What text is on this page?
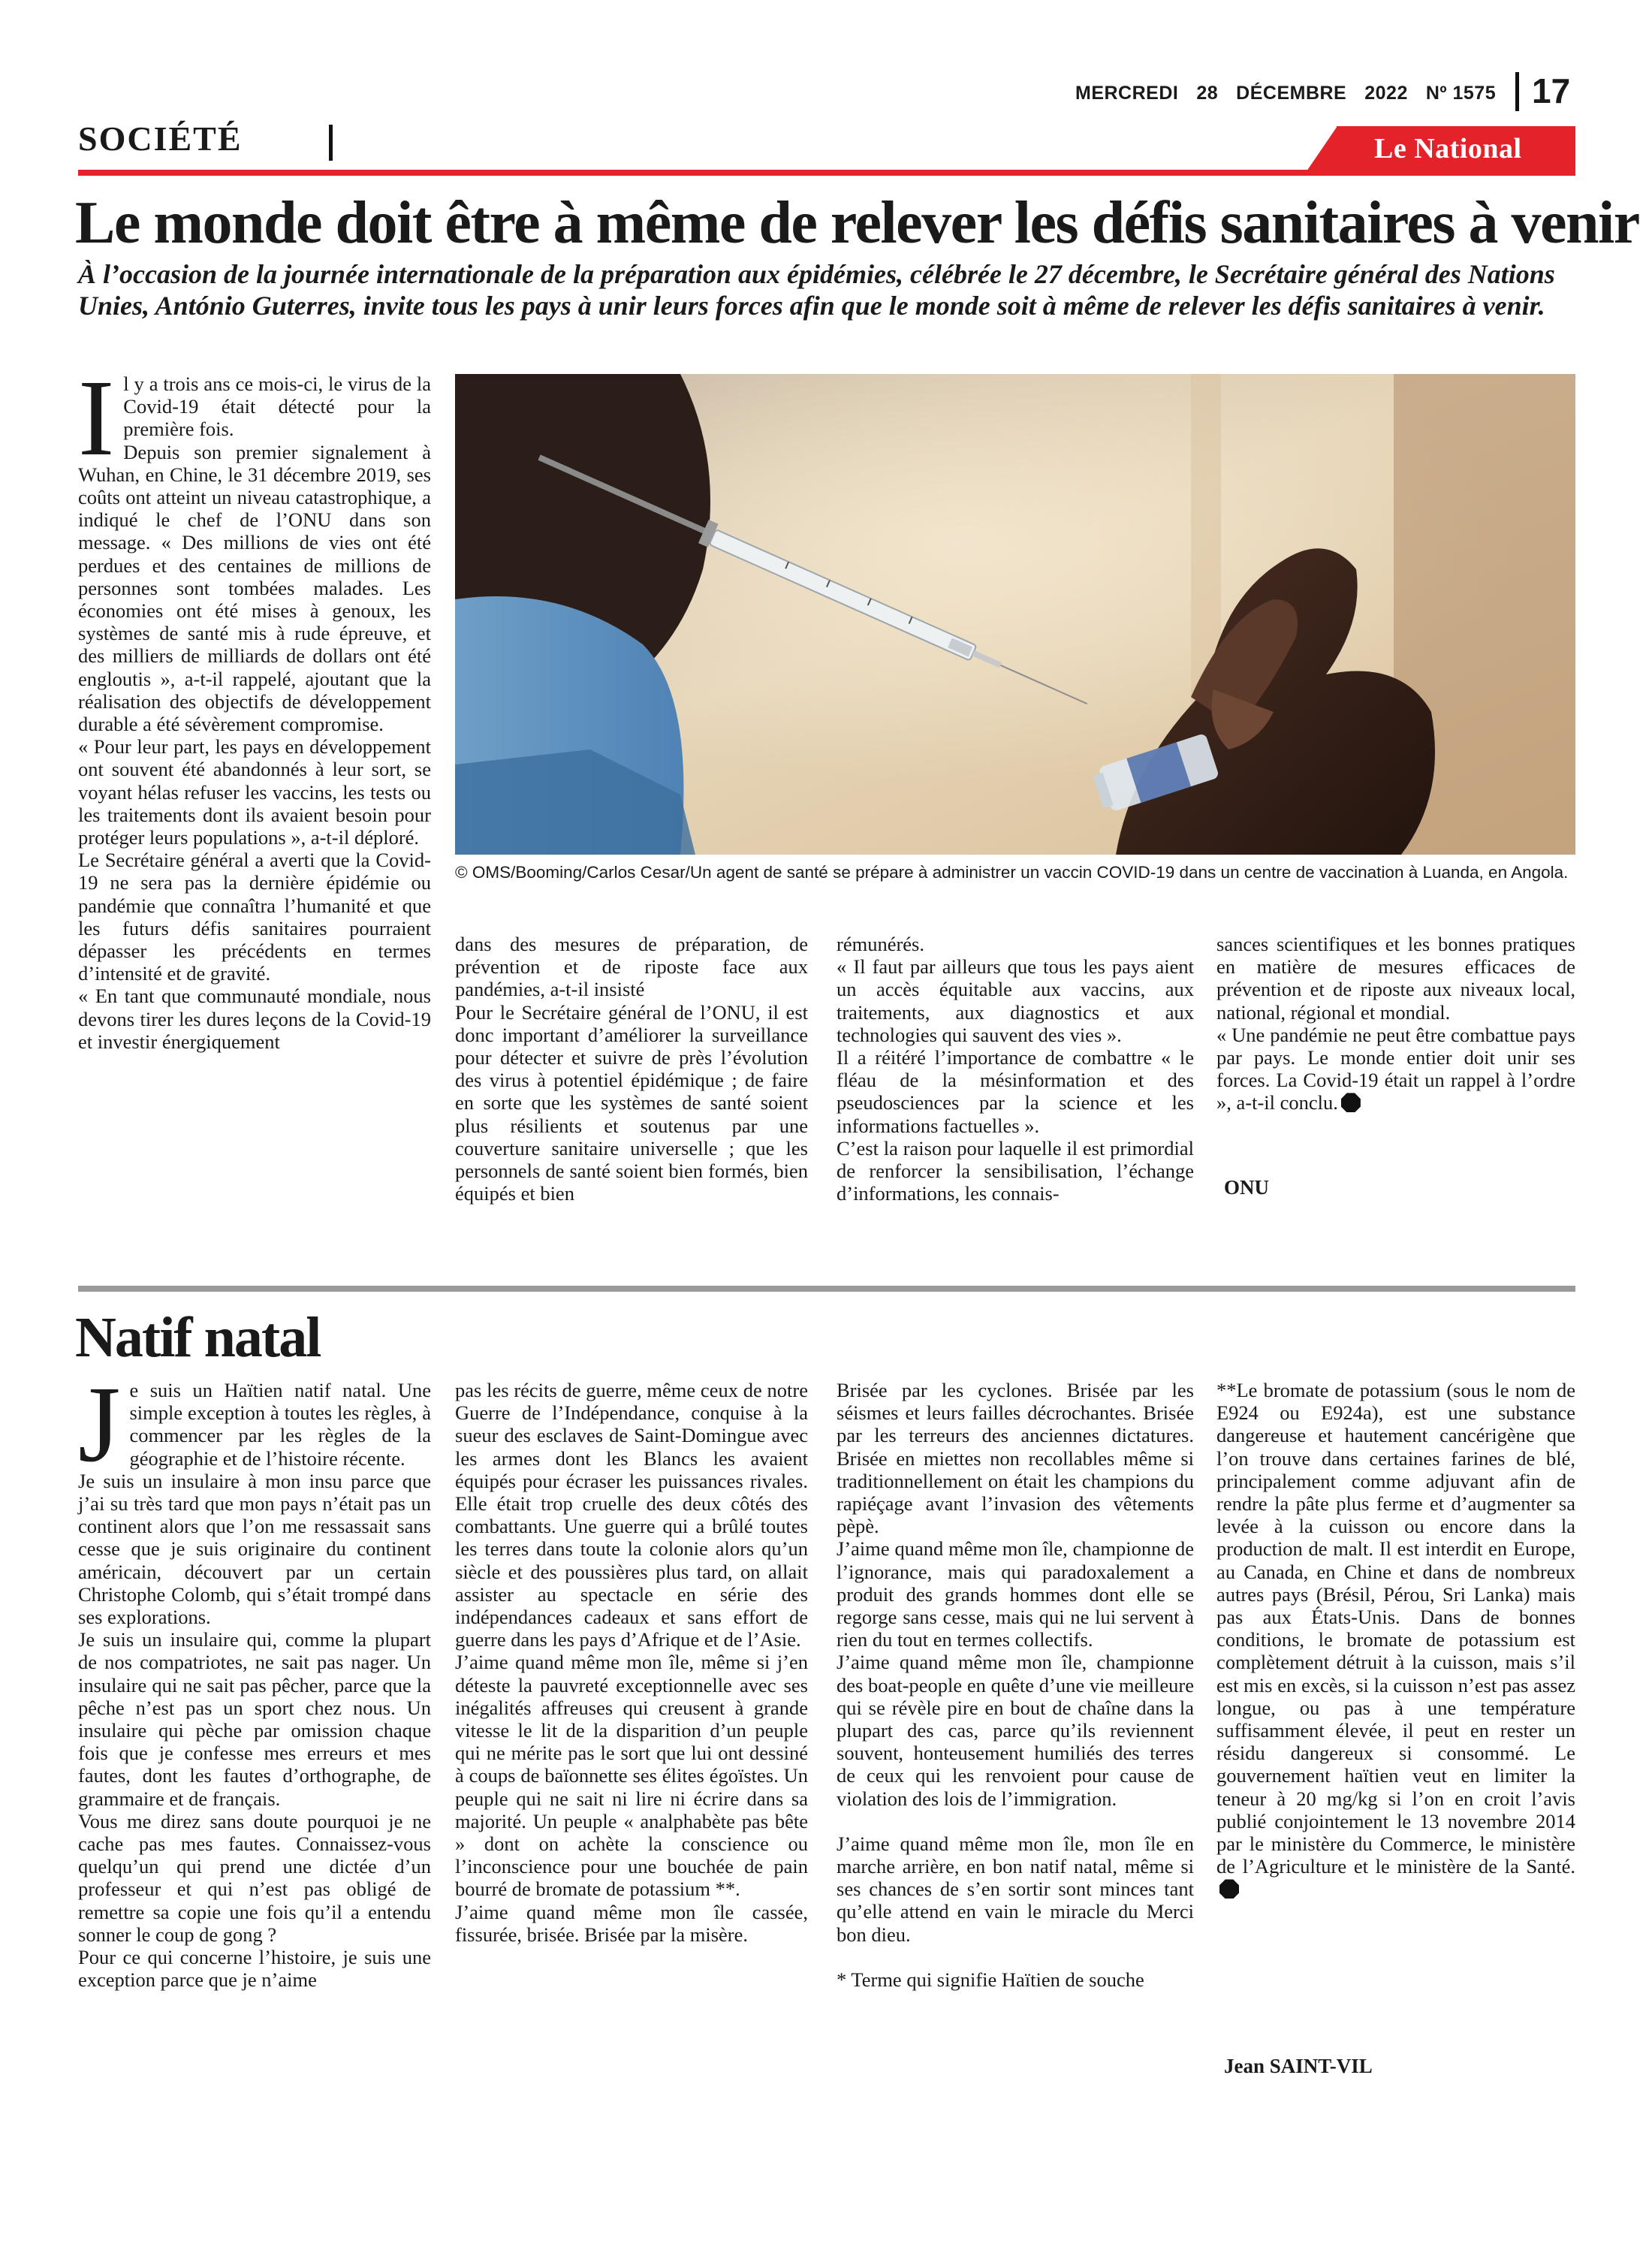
MERCREDI 28 DÉCEMBRE 2022 Nº 1575	17
SOCIÉTÉ	Le National
Le monde doit être à même de relever les défis sanitaires à venir
À l’occasion de la journée internationale de la préparation aux épidémies, célébrée le 27 décembre, le Secrétaire général des Nations Unies, António Guterres, invite tous les pays à unir leurs forces afin que le monde soit à même de relever les défis sanitaires à venir.
I l y a trois ans ce mois-ci, le virus de la Covid-19 était détecté pour la première fois.

Depuis son premier signalement à Wuhan, en Chine, le 31 décembre 2019, ses coûts ont atteint un niveau catastrophique, a indiqué le chef de l’ONU dans son message. « Des millions de vies ont été perdues et des centaines de millions de personnes sont tombées malades. Les économies ont été mises à genoux, les systèmes de santé mis à rude épreuve, et des milliers de milliards de dollars ont été engloutis », a-t-il rappelé, ajoutant que la réalisation des objectifs de développement durable a été sévèrement compromise.

« Pour leur part, les pays en développement ont souvent été abandonnés à leur sort, se voyant hélas refuser les vaccins, les tests ou les traitements dont ils avaient besoin pour protéger leurs populations », a-t-il déploré.

Le Secrétaire général a averti que la Covid-19 ne sera pas la dernière épidémie ou pandémie que connaîtra l’humanité et que les futurs défis sanitaires pourraient dépasser les précédents en termes d’intensité et de gravité.

« En tant que communauté mondiale, nous devons tirer les dures leçons de la Covid-19 et investir énergiquement

© OMS/Booming/Carlos Cesar/Un agent de santé se prépare à administrer un vaccin COVID-19 dans un centre de vaccination à Luanda, en Angola.

dans des mesures de préparation, de prévention et de riposte face aux pandémies, a-t-il insisté

Pour le Secrétaire général de l’ONU, il est donc important d’améliorer la surveillance pour détecter et suivre de près l’évolution des virus à potentiel épidémique ; de faire en sorte que les systèmes de santé soient plus résilients et soutenus par une couverture sanitaire universelle ; que les personnels de santé soient bien formés, bien équipés et bien

rémunérés.

« Il faut par ailleurs que tous les pays aient un accès équitable aux vaccins, aux traitements, aux diagnostics et aux technologies qui sauvent des vies ».

Il a réitéré l’importance de combattre « le fléau de la mésinformation et des pseudosciences par la science et les informations factuelles ».

C’est la raison pour laquelle il est primordial de renforcer la sensibilisation, l’échange d’informations, les connais-

sances scientifiques et les bonnes pratiques en matière de mesures efficaces de prévention et de riposte aux niveaux local, national, régional et mondial.

« Une pandémie ne peut être combattue pays par pays. Le monde entier doit unir ses forces. La Covid-19 était un rappel à l’ordre », a-t-il conclu.

ONU
Natif natal
J e suis un Haïtien natif natal. Une simple exception à toutes les règles, à commencer par les règles de la géographie et de l’histoire récente.

Je suis un insulaire à mon insu parce que j’ai su très tard que mon pays n’était pas un continent alors que l’on me ressassait sans cesse que je suis originaire du continent américain, découvert par un certain Christophe Colomb, qui s’était trompé dans ses explorations.

Je suis un insulaire qui, comme la plupart de nos compatriotes, ne sait pas nager. Un insulaire qui ne sait pas pêcher, parce que la pêche n’est pas un sport chez nous. Un insulaire qui pèche par omission chaque fois que je confesse mes erreurs et mes fautes, dont les fautes d’orthographe, de grammaire et de français.

Vous me direz sans doute pourquoi je ne cache pas mes fautes. Connaissez-vous quelqu’un qui prend une dictée d’un professeur et qui n’est pas obligé de remettre sa copie une fois qu’il a entendu sonner le coup de gong ?

Pour ce qui concerne l’histoire, je suis une exception parce que je n’aime

pas les récits de guerre, même ceux de notre Guerre de l’Indépendance, conquise à la sueur des esclaves de Saint-Domingue avec les armes dont les Blancs les avaient équipés pour écraser les puissances rivales. Elle était trop cruelle des deux côtés des combattants. Une guerre qui a brûlé toutes les terres dans toute la colonie alors qu’un siècle et des poussières plus tard, on allait assister au spectacle en série des indépendances cadeaux et sans effort de guerre dans les pays d’Afrique et de l’Asie.

J’aime quand même mon île, même si j’en déteste la pauvreté exceptionnelle avec ses inégalités affreuses qui creusent à grande vitesse le lit de la disparition d’un peuple qui ne mérite pas le sort que lui ont dessiné à coups de baïonnette ses élites égoïstes. Un peuple qui ne sait ni lire ni écrire dans sa majorité. Un peuple « analphabète pas bête » dont on achète la conscience ou l’inconscience pour une bouchée de pain bourré de bromate de potassium **.

J’aime quand même mon île cassée, fissurée, brisée. Brisée par la misère.

Brisée par les cyclones. Brisée par les séismes et leurs failles décrochantes. Brisée par les terreurs des anciennes dictatures. Brisée en miettes non recollables même si traditionnellement on était les champions du rapiéçage avant l’invasion des vêtements pèpè.

J’aime quand même mon île, championne de l’ignorance, mais qui paradoxalement a produit des grands hommes dont elle se regorge sans cesse, mais qui ne lui servent à rien du tout en termes collectifs.

J’aime quand même mon île, championne des boat-people en quête d’une vie meilleure qui se révèle pire en bout de chaîne dans la plupart des cas, parce qu’ils reviennent souvent, honteusement humiliés des terres de ceux qui les renvoient pour cause de violation des lois de l’immigration.

J’aime quand même mon île, mon île en marche arrière, en bon natif natal, même si ses chances de s’en sortir sont minces tant qu’elle attend en vain le miracle du Merci bon dieu.

* Terme qui signifie Haïtien de souche

**Le bromate de potassium (sous le nom de E924 ou E924a), est une substance dangereuse et hautement cancérigène que l’on trouve dans certaines farines de blé, principalement comme adjuvant afin de rendre la pâte plus ferme et d’augmenter sa levée à la cuisson ou encore dans la production de malt. Il est interdit en Europe, au Canada, en Chine et dans de nombreux autres pays (Brésil, Pérou, Sri Lanka) mais pas aux États-Unis. Dans de bonnes conditions, le bromate de potassium est complètement détruit à la cuisson, mais s’il est mis en excès, si la cuisson n’est pas assez longue, ou pas à une température suffisamment élevée, il peut en rester un résidu dangereux si consommé. Le gouvernement haïtien veut en limiter la teneur à 20 mg/kg si l’on en croit l’avis publié conjointement le 13 novembre 2014 par le ministère du Commerce, le ministère de l’Agriculture et le ministère de la Santé.

Jean SAINT-VIL
